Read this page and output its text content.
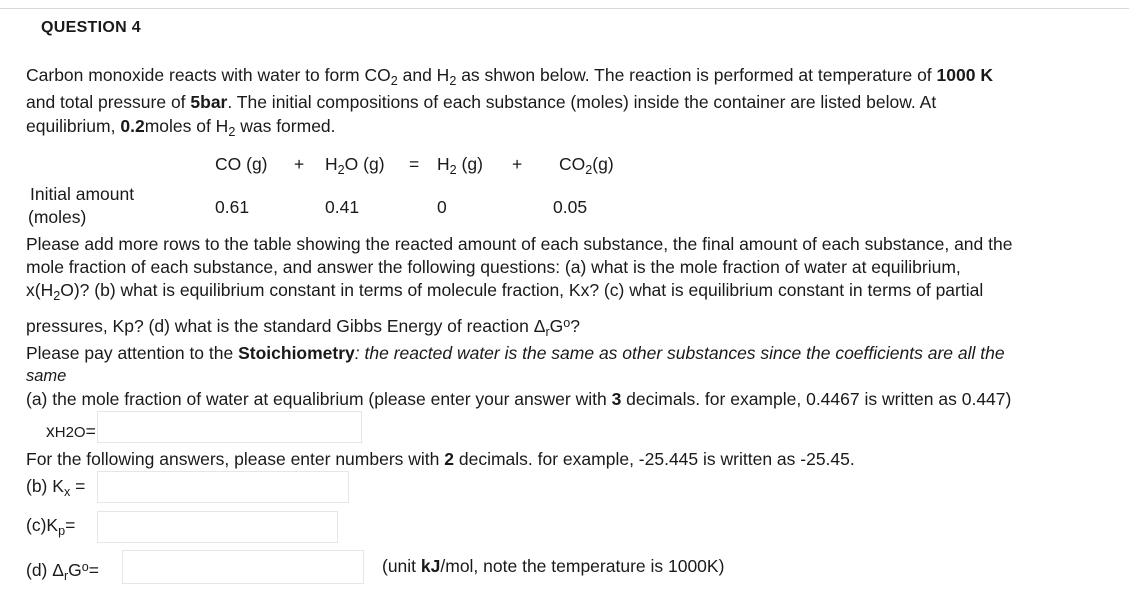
QUESTION 4
Carbon monoxide reacts with water to form $CO_2$ and $H_2$ as shwon below. The reaction is performed at temperature of 1000 K
and total pressure of 5bar. The initial compositions of each substance (moles) inside the container are listed below. At
equilibrium, 0.2moles of $H_2$ was formed.
CO $(g) + H_2O$ $(g) = H_2$ $(g) + CO_2(g)$
Initial amount
(moles)	0.61	0.41	0	0.05
Please add more rows to the table showing the reacted amount of each substance, the final amount of each substance, and the
mole fraction of each substance, and answer the following questions: (a) what is the mole fraction of water at equilibrium,
$x(H_2O)$? (b) what is equilibrium constant in terms of molecule fraction, Kx? (c) what is equilibrium constant in terms of partial
pressures, Kp? (d) what is the standard Gibbs Energy of reaction $\Delta_rG^o$?
Please pay attention to the Stoichiometry: the reacted water is the same as other substances since the coefficients are all the
same
(a) the mole fraction of water at equalibrium (please enter your answer with 3 decimals. for example, 0.4467 is written as 0.447)
xH2O=
For the following answers, please enter numbers with 2 decimals. for example, -25.445 is written as -25.45.
(b) $K_x$ =
$(c)K_p=$
(d) $\Delta_rG^o=$	(unit kJ/mol, note the temperature is 1000K)
